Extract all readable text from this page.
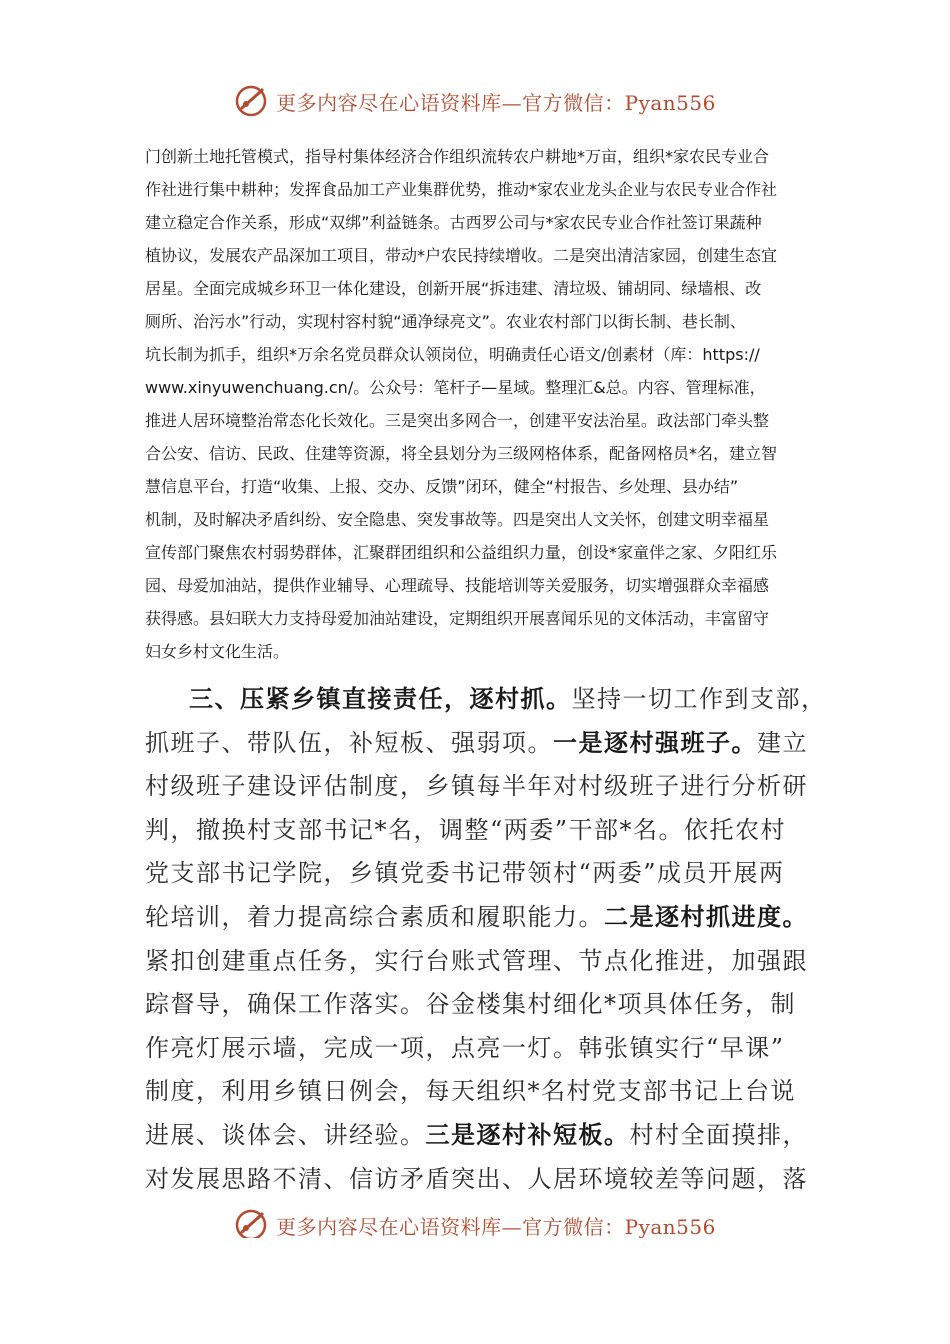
更多内容尽在心语资料库—官方微信：Pyan556

门创新土地托管模式，指导村集体经济合作组织流转农户耕地*万亩，组织*家农民专业合

作社进行集中耕种；发挥食品加工产业集群优势，推动*家农业龙头企业与农民专业合作社

建立稳定合作关系，形成“双绑”利益链条。古西罗公司与*家农民专业合作社签订果蔬种

植协议，发展农产品深加工项目，带动*户农民持续增收。二是突出清洁家园，创建生态宜

居星。全面完成城乡环卫一体化建设，创新开展“拆违建、清垃圾、铺胡同、绿墙根、改

厕所、治污水”行动，实现村容村貌“通净绿亮文”。农业农村部门以街长制、巷长制、

坑长制为抓手，组织*万余名党员群众认领岗位，明确责任心语文/创素材（库：https://

www.xinyuwenchuang.cn/。公众号：笔杆子—星域。整理汇&总。内容、管理标准，

推进人居环境整治常态化长效化。三是突出多网合一，创建平安法治星。政法部门牵头整

合公安、信访、民政、住建等资源，将全县划分为三级网格体系，配备网格员*名，建立智

慧信息平台，打造“收集、上报、交办、反馈”闭环，健全“村报告、乡处理、县办结”

机制，及时解决矛盾纠纷、安全隐患、突发事故等。四是突出人文关怀，创建文明幸福星

宣传部门聚焦农村弱势群体，汇聚群团组织和公益组织力量，创设*家童伴之家、夕阳红乐

园、母爱加油站，提供作业辅导、心理疏导、技能培训等关爱服务，切实增强群众幸福感

获得感。县妇联大力支持母爱加油站建设，定期组织开展喜闻乐见的文体活动，丰富留守

妇女乡村文化生活。

三、压紧乡镇直接责任，逐村抓。坚持一切工作到支部，

抓班子、带队伍，补短板、强弱项。一是逐村强班子。建立

村级班子建设评估制度，乡镇每半年对村级班子进行分析研

判，撤换村支部书记*名，调整“两委”干部*名。依托农村

党支部书记学院，乡镇党委书记带领村“两委”成员开展两

轮培训，着力提高综合素质和履职能力。二是逐村抓进度。

紧扣创建重点任务，实行台账式管理、节点化推进，加强跟

踪督导，确保工作落实。谷金楼集村细化*项具体任务，制

作亮灯展示墙，完成一项，点亮一灯。韩张镇实行“早课”

制度，利用乡镇日例会，每天组织*名村党支部书记上台说

进展、谈体会、讲经验。三是逐村补短板。村村全面摸排，

对发展思路不清、信访矛盾突出、人居环境较差等问题，落

更多内容尽在心语资料库—官方微信：Pyan556
